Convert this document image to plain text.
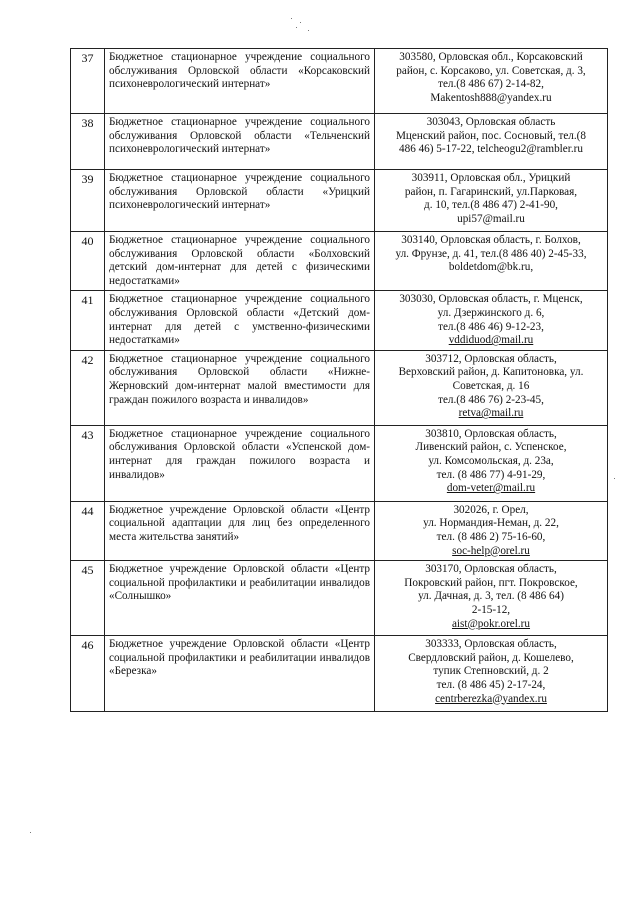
37	Бюджетное стационарное учреждение социального обслуживания Орловской области «Корсаковский психоневрологический интернат»	303580, Орловская обл., Корсаковский
район, с. Корсаково, ул. Советская, д. 3,
тел.(8 486 67) 2-14-82,
Makentosh888@yandex.ru

38	Бюджетное стационарное учреждение социального обслуживания Орловской области «Тельченский психоневрологический интернат»	303043, Орловская область
Мценский район, пос. Сосновый, тел.(8
486 46) 5-17-22, telcheogu2@rambler.ru

39	Бюджетное стационарное учреждение социального обслуживания Орловской области «Урицкий психоневрологический интернат»	303911, Орловская обл., Урицкий
район, п. Гагаринский, ул.Парковая,
д. 10, тел.(8 486 47) 2-41-90,
upi57@mail.ru

40	Бюджетное стационарное учреждение социального обслуживания Орловской области «Болховский детский дом-интернат для детей с физическими недостатками»	303140, Орловская область, г. Болхов,
ул. Фрунзе, д. 41, тел.(8 486 40) 2-45-33,
boldetdom@bk.ru,

41	Бюджетное стационарное учреждение социального обслуживания Орловской области «Детский дом-интернат для детей с умственно-физическими недостатками»	303030, Орловская область, г. Мценск,
ул. Дзержинского д. 6,
тел.(8 486 46) 9-12-23,
vddiduod@mail.ru

42	Бюджетное стационарное учреждение социального обслуживания Орловской области «Нижне-Жерновский дом-интернат малой вместимости для граждан пожилого возраста и инвалидов»	303712, Орловская область,
Верховский район, д. Капитоновка, ул.
Советская, д. 16
тел.(8 486 76) 2-23-45,
retva@mail.ru

43	Бюджетное стационарное учреждение социального обслуживания Орловской области «Успенской дом-интернат для граждан пожилого возраста и инвалидов»	303810, Орловская область,
Ливенский район, с. Успенское,
ул. Комсомольская, д. 23а,
тел. (8 486 77) 4-91-29,
dom-veter@mail.ru

44	Бюджетное учреждение Орловской области «Центр социальной адаптации для лиц без определенного места жительства занятий»	302026, г. Орел,
ул. Нормандия-Неман, д. 22,
тел. (8 486 2) 75-16-60,
soc-help@orel.ru

45	Бюджетное учреждение Орловской области «Центр социальной профилактики и реабилитации инвалидов «Солнышко»	303170, Орловская область,
Покровский район, пгт. Покровское,
ул. Дачная, д. 3, тел. (8 486 64)
2-15-12,
aist@pokr.orel.ru

46	Бюджетное учреждение Орловской области «Центр социальной профилактики и реабилитации инвалидов «Березка»	303333, Орловская область,
Свердловский район, д. Кошелево,
тупик Степновский, д. 2
тел. (8 486 45) 2-17-24,
centrberezka@yandex.ru
